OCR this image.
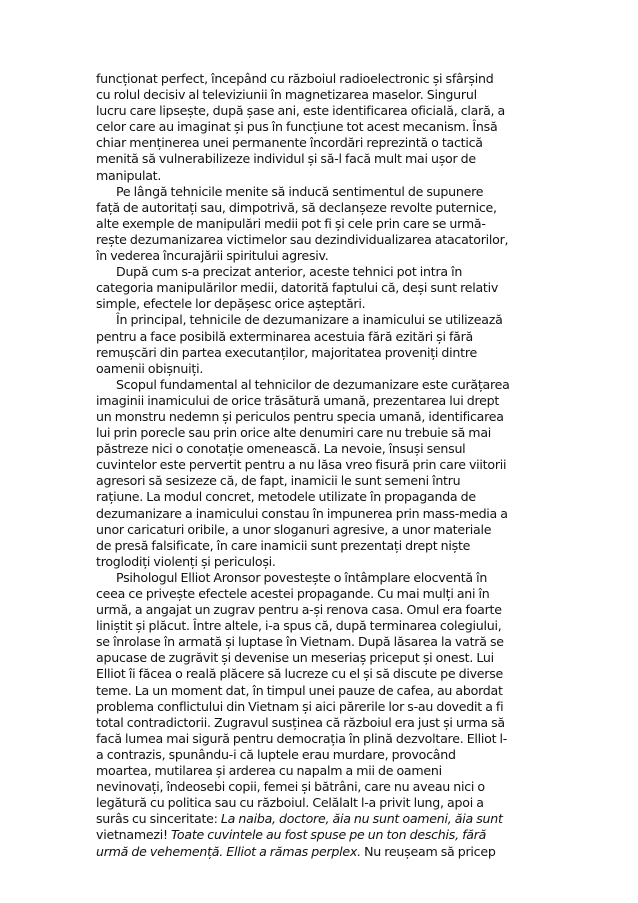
funcționat perfect, începând cu războiul radioelectronic și sfârșind
cu rolul decisiv al televiziunii în magnetizarea maselor. Singurul
lucru care lipsește, după șase ani, este identificarea oficială, clară, a
celor care au imaginat și pus în funcțiune tot acest mecanism. Însă
chiar menținerea unei permanente încordări reprezintă o tactică
menită să vulnerabilizeze individul și să-l facă mult mai ușor de
manipulat.
Pe lângă tehnicile menite să inducă sentimentul de supunere
față de autoritați sau, dimpotrivă, să declanșeze revolte puternice,
alte exemple de manipulări medii pot fi și cele prin care se urmă-
rește dezumanizarea victimelor sau dezindividualizarea atacatorilor,
în vederea încurajării spiritului agresiv.
După cum s-a precizat anterior, aceste tehnici pot intra în
categoria manipulărilor medii, datorită faptului că, deși sunt relativ
simple, efectele lor depășesc orice așteptări.
În principal, tehnicile de dezumanizare a inamicului se utilizează
pentru a face posibilă exterminarea acestuia fără ezitări și fără
remușcări din partea executanților, majoritatea proveniți dintre
oamenii obișnuiți.
Scopul fundamental al tehnicilor de dezumanizare este curățarea
imaginii inamicului de orice trăsătură umană, prezentarea lui drept
un monstru nedemn și periculos pentru specia umană, identificarea
lui prin porecle sau prin orice alte denumiri care nu trebuie să mai
păstreze nici o conotație omenească. La nevoie, însuși sensul
cuvintelor este pervertit pentru a nu lăsa vreo fisură prin care viitorii
agresori să sesizeze că, de fapt, inamicii le sunt semeni întru
rațiune. La modul concret, metodele utilizate în propaganda de
dezumanizare a inamicului constau în impunerea prin mass-media a
unor caricaturi oribile, a unor sloganuri agresive, a unor materiale
de presă falsificate, în care inamicii sunt prezentați drept niște
troglodiți violenți și periculoși.
Psihologul Elliot Aronsor povestește o întâmplare elocventă în
ceea ce privește efectele acestei propagande. Cu mai mulți ani în
urmă, a angajat un zugrav pentru a-și renova casa. Omul era foarte
liniștit și plăcut. Între altele, i-a spus că, după terminarea colegiului,
se înrolase în armată și luptase în Vietnam. După lăsarea la vatră se
apucase de zugrăvit și devenise un meseriaș priceput și onest. Lui
Elliot îi făcea o reală plăcere să lucreze cu el și să discute pe diverse
teme. La un moment dat, în timpul unei pauze de cafea, au abordat
problema conflictului din Vietnam și aici părerile lor s-au dovedit a fi
total contradictorii. Zugravul susținea că războiul era just și urma să
facă lumea mai sigură pentru democrația în plină dezvoltare. Elliot l-
a contrazis, spunându-i că luptele erau murdare, provocând
moartea, mutilarea și arderea cu napalm a mii de oameni
nevinovați, îndeosebi copii, femei și bătrâni, care nu aveau nici o
legătură cu politica sau cu războiul. Celălalt l-a privit lung, apoi a
surâs cu sinceritate: La naiba, doctore, ăia nu sunt oameni, ăia sunt
vietnamezi! Toate cuvintele au fost spuse pe un ton deschis, fără
urmă de vehemență. Elliot a rămas perplex. Nu reușeam să pricep
